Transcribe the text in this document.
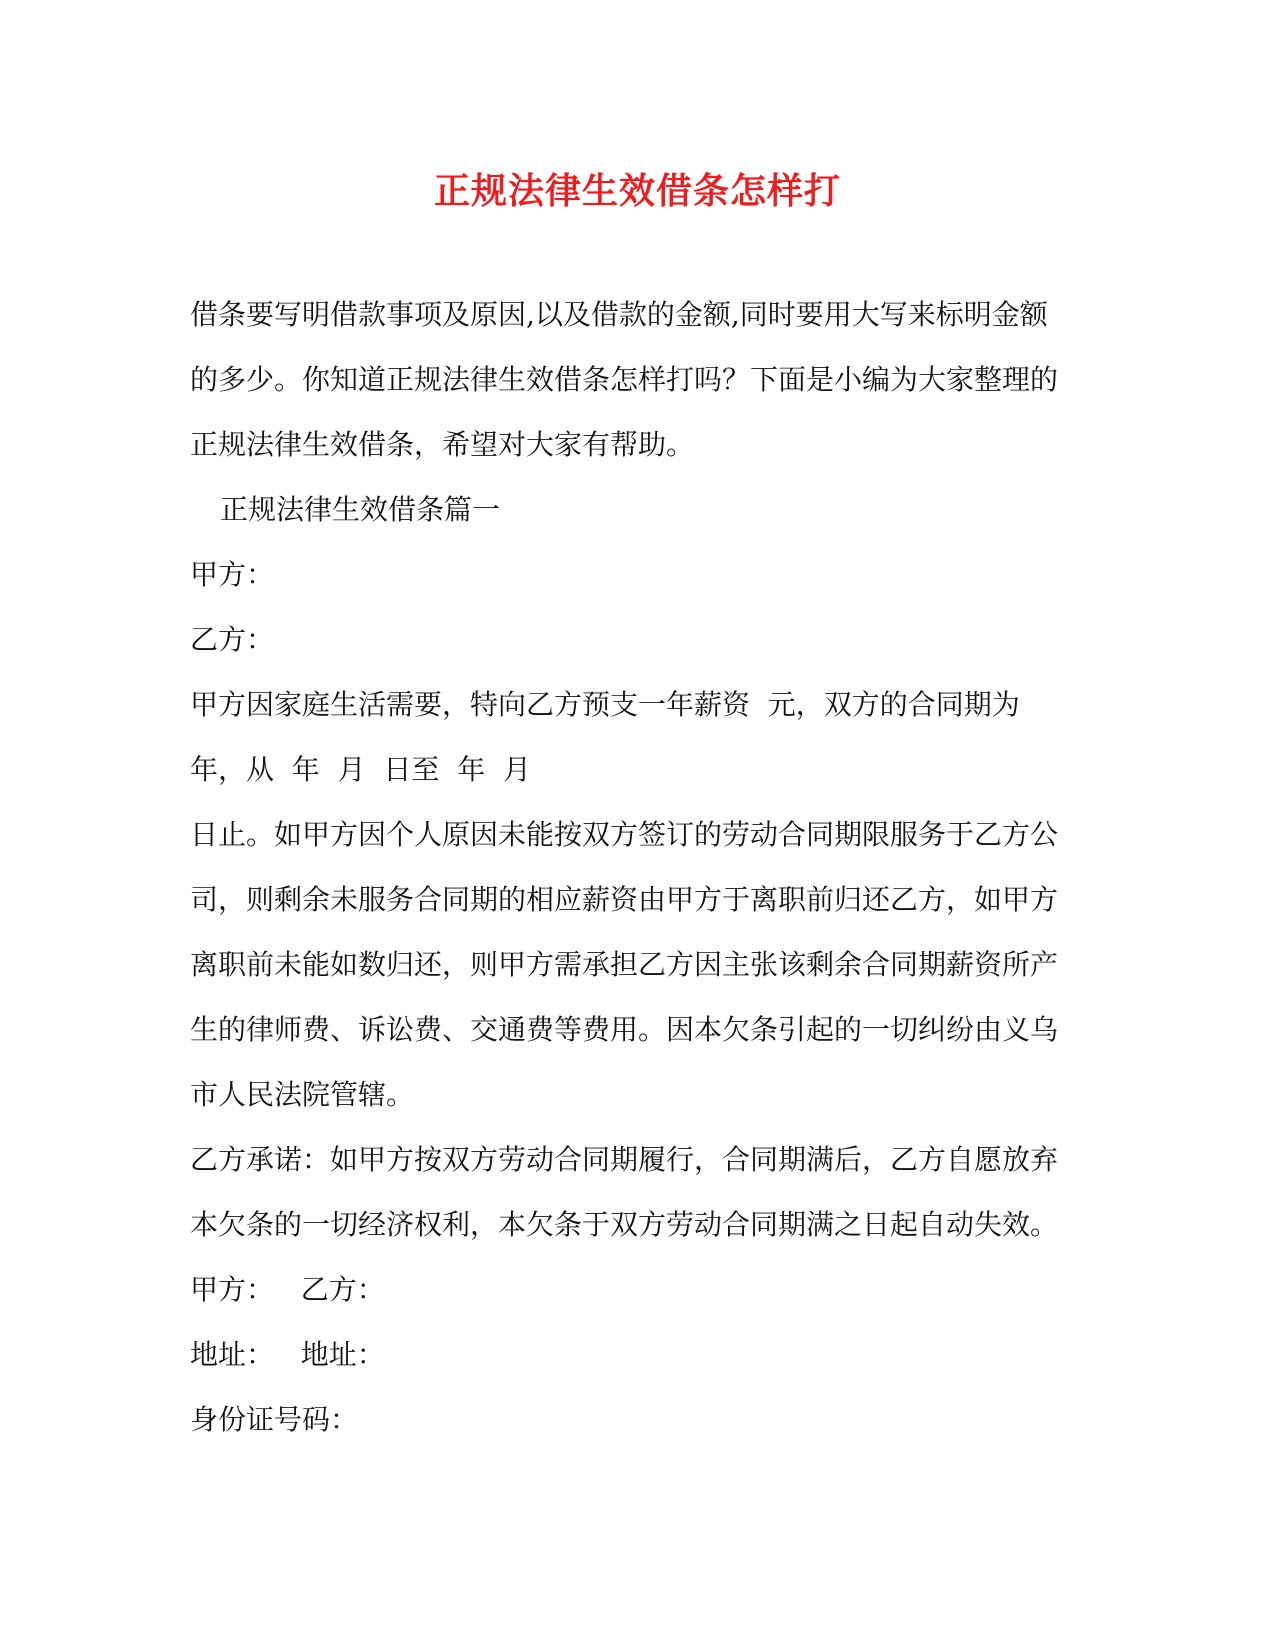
正规法律生效借条怎样打

借条要写明借款事项及原因,以及借款的金额,同时要用大写来标明金额的多少。你知道正规法律生效借条怎样打吗？下面是小编为大家整理的正规法律生效借条，希望对大家有帮助。

正规法律生效借条篇一

甲方：

乙方：

甲方因家庭生活需要，特向乙方预支一年薪资  元，双方的合同期为

年，从  年  月  日至  年  月

日止。如甲方因个人原因未能按双方签订的劳动合同期限服务于乙方公司，则剩余未服务合同期的相应薪资由甲方于离职前归还乙方，如甲方离职前未能如数归还，则甲方需承担乙方因主张该剩余合同期薪资所产生的律师费、诉讼费、交通费等费用。因本欠条引起的一切纠纷由义乌市人民法院管辖。

乙方承诺：如甲方按双方劳动合同期履行，合同期满后，乙方自愿放弃本欠条的一切经济权利，本欠条于双方劳动合同期满之日起自动失效。

甲方：   乙方：

地址：   地址：

身份证号码：
